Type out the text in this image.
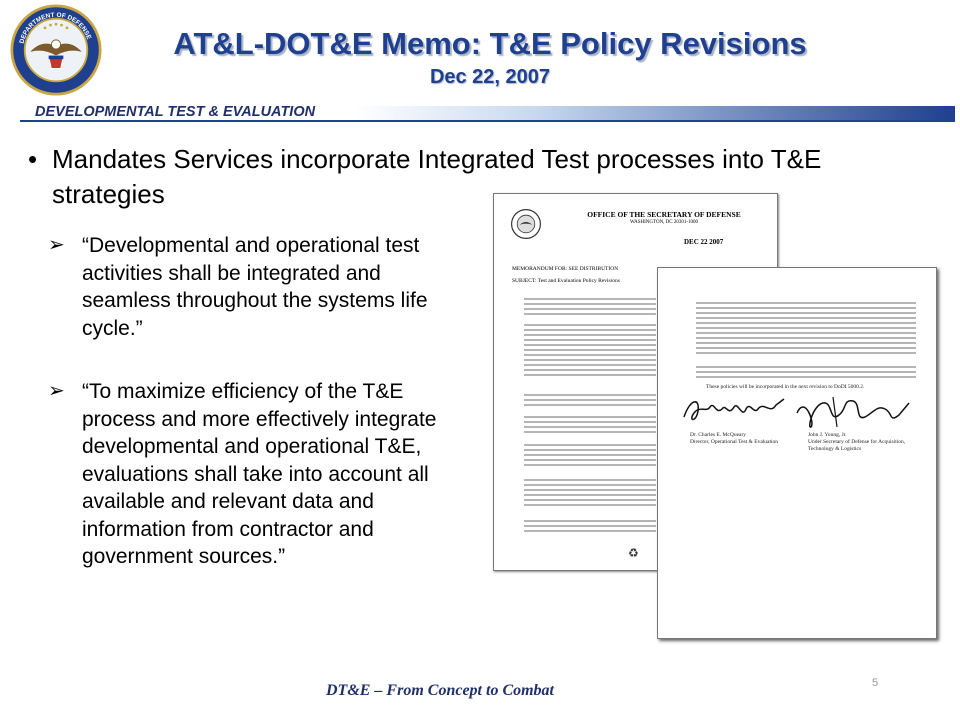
DEPARTMENT OF DEFENSE	AT&L-DOT&E Memo: T&E Policy Revisions
Dec 22, 2007
DEVELOPMENTAL TEST & EVALUATION
• Mandates Services incorporate Integrated Test processes into T&E strategies
➢ “Developmental and operational test activities shall be integrated and seamless throughout the systems life cycle.”
➢ “To maximize efficiency of the T&E process and more effectively integrate developmental and operational T&E, evaluations shall take into account all available and relevant data and information from contractor and government sources.”
OFFICE OF THE SECRETARY OF DEFENSE
WASHINGTON, DC 20301-1000
DEC 22 2007
MEMORANDUM FOR: SEE DISTRIBUTION
SUBJECT: Test and Evaluation Policy Revisions
♻
These policies will be incorporated in the next revision to DoDI 5000.2.
Dr. Charles E. McQueary
Director, Operational Test & Evaluation
John J. Young, Jr.
Under Secretary of Defense for Acquisition, Technology & Logistics
DT&E – From Concept to Combat	5
